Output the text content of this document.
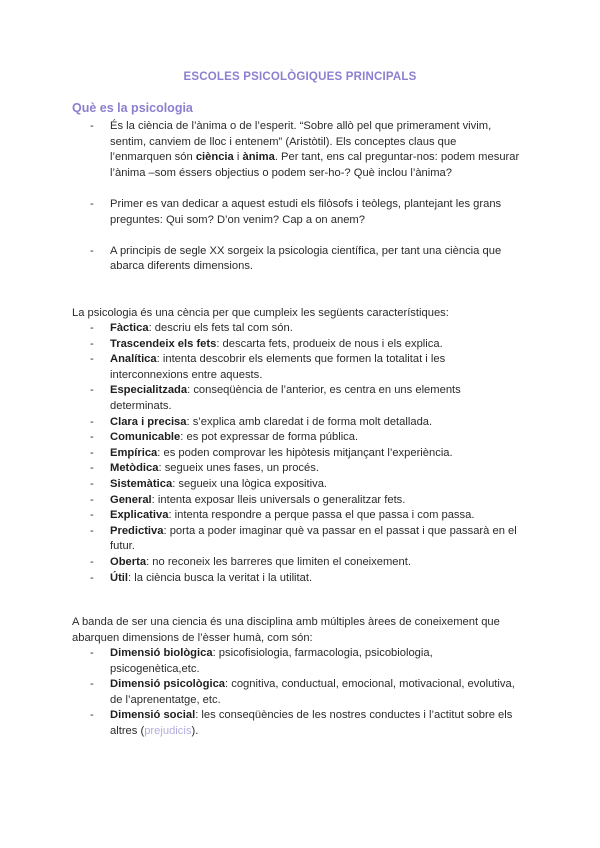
ESCOLES PSICOLÒGIQUES PRINCIPALS
Què es la psicologia
- És la ciència de l’ànima o de l’esperit. “Sobre allò pel que primerament vivim, sentim, canviem de lloc i entenem” (Aristòtil). Els conceptes claus que l’enmarquen són ciència i ànima. Per tant, ens cal preguntar-nos: podem mesurar l’ànima –som éssers objectius o podem ser-ho-? Què inclou l’ànima?
- Primer es van dedicar a aquest estudi els filòsofs i teòlegs, plantejant les grans preguntes: Qui som? D’on venim? Cap a on anem?
- A principis de segle XX sorgeix la psicologia científica, per tant una ciència que abarca diferents dimensions.
La psicologia és una cència per que cumpleix les següents característiques:
- Fàctica: descriu els fets tal com són.
- Trascendeix els fets: descarta fets, produeix de nous i els explica.
- Analítica: intenta descobrir els elements que formen la totalitat i les interconnexions entre aquests.
- Especialitzada: conseqüència de l’anterior, es centra en uns elements determinats.
- Clara i precisa: s’explica amb claredat i de forma molt detallada.
- Comunicable: es pot expressar de forma pública.
- Empírica: es poden comprovar les hipòtesis mitjançant l’experiència.
- Metòdica: segueix unes fases, un procés.
- Sistemàtica: segueix una lògica expositiva.
- General: intenta exposar lleis universals o generalitzar fets.
- Explicativa: intenta respondre a perque passa el que passa i com passa.
- Predictiva: porta a poder imaginar què va passar en el passat i que passarà en el futur.
- Oberta: no reconeix les barreres que limiten el coneixement.
- Útil: la ciència busca la veritat i la utilitat.
A banda de ser una ciencia és una disciplina amb múltiples àrees de coneixement que abarquen dimensions de l’èsser humà, com són:
- Dimensió biològica: psicofisiologia, farmacologia, psicobiologia, psicogenètica,etc.
- Dimensió psicològica: cognitiva, conductual, emocional, motivacional, evolutiva, de l’aprenentatge, etc.
- Dimensió social: les conseqüències de les nostres conductes i l’actitut sobre els altres (prejudicis).
